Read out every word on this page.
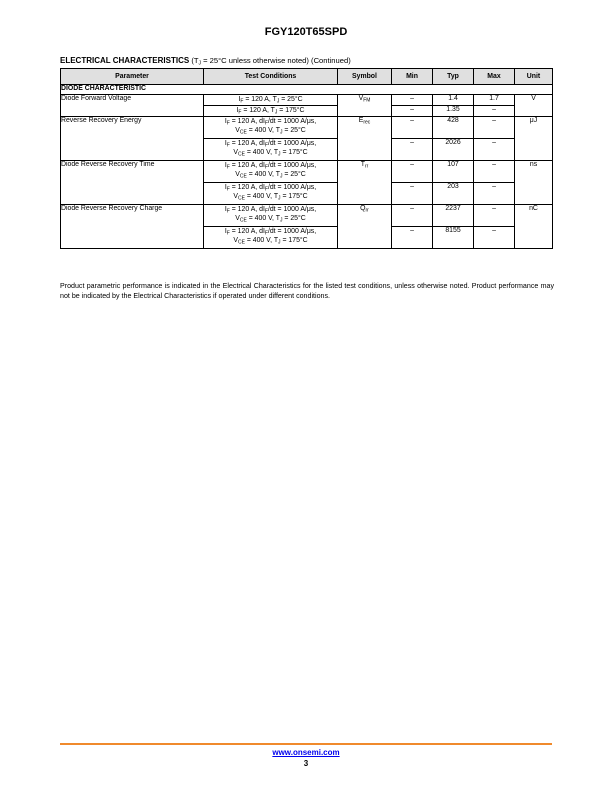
FGY120T65SPD
ELECTRICAL CHARACTERISTICS ($T_J = 25^\circ C$ unless otherwise noted) (Continued)
Parameter	Test Conditions	Symbol	Min	Typ	Max	Unit
DIODE CHARACTERISTIC						
Diode Forward Voltage	$I_F = 120$ A, $T_J = 25^\circ C$	$V_{FM}$	–	1.4	1.7	V
	$I_F = 120$ A, $T_J = 175^\circ C$		–	1.35	–	
Reverse Recovery Energy	$I_F = 120$ A, $dI_F/dt = 1000$ A/μs,
$V_{CE} = 400$ V, $T_J = 25^\circ C$	$E_{rec}$	–	428	–	μJ
	$I_F = 120$ A, $dI_F/dt = 1000$ A/μs,
$V_{CE} = 400$ V, $T_J = 175^\circ C$		–	2026	–	
Diode Reverse Recovery Time	$I_F = 120$ A, $dI_F/dt = 1000$ A/μs,
$V_{CE} = 400$ V, $T_J = 25^\circ C$	$T_{rr}$	–	107	–	ns
	$I_F = 120$ A, $dI_F/dt = 1000$ A/μs,
$V_{CE} = 400$ V, $T_J = 175^\circ C$		–	203	–	
Diode Reverse Recovery Charge	$I_F = 120$ A, $dI_F/dt = 1000$ A/μs,
$V_{CE} = 400$ V, $T_J = 25^\circ C$	$Q_{rr}$	–	2237	–	nC
	$I_F = 120$ A, $dI_F/dt = 1000$ A/μs,
$V_{CE} = 400$ V, $T_J = 175^\circ C$		–	8155	–	
Product parametric performance is indicated in the Electrical Characteristics for the listed test conditions, unless otherwise noted. Product performance may not be indicated by the Electrical Characteristics if operated under different conditions.
www.onsemi.com
3
